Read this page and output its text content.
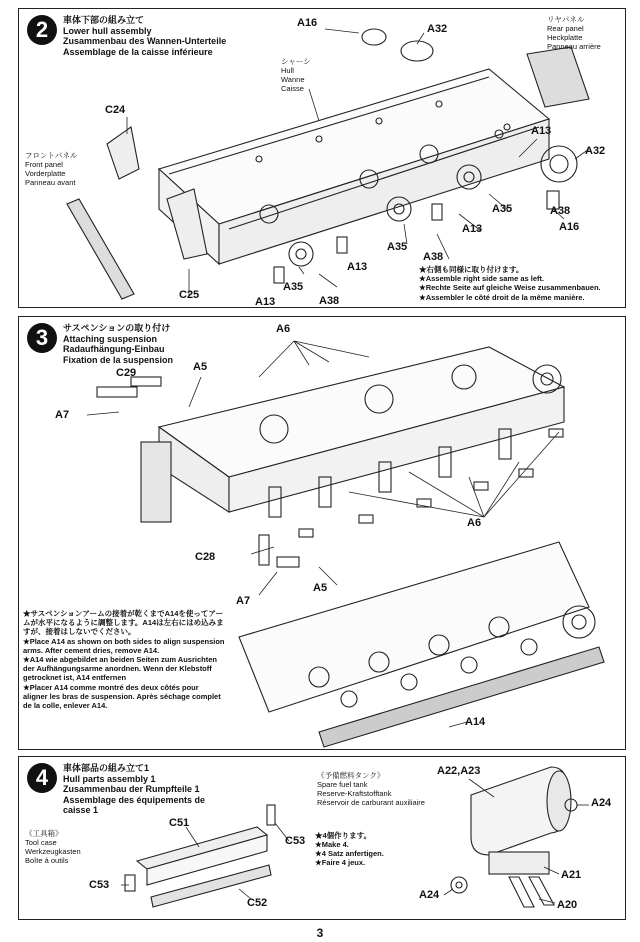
2	車体下部の組み立て
Lower hull assembly
Zusammenbau des Wannen-Unterteile
Assemblage de la caisse inférieure
シャーシ
Hull
Wanne
Caisse
フロントパネル
Front panel
Vorderplatte
Panneau avant
リヤパネル
Rear panel
Heckplatte
Panneau arrière
A16	A32
C24
A13
A32
A35	A38
A16
A13
A35
A38
A13
A13
A35
A38
C25
★右側も同様に取り付けます。
★Assemble right side same as left.
★Rechte Seite auf gleiche Weise zusammenbauen.
★Assembler le côté droit de la même manière.
3	サスペンションの取り付け
Attaching suspension
Radaufhängung-Einbau
Fixation de la suspension
A6
C29	A5
A7
A6
C28
A7
A5
A14
★サスペンションアームの接着が乾くまでA14を使ってアームが水平になるように調整します。A14は左右にはめ込みますが、接着はしないでください。
★Place A14 as shown on both sides to align suspension arms. After cement dries, remove A14.
★A14 wie abgebildet an beiden Seiten zum Ausrichten der Aufhängungsarme anordnen. Wenn der Klebstoff getrocknet ist, A14 entfernen
★Placer A14 comme montré des deux côtés pour aligner les bras de suspension. Après séchage complet de la colle, enlever A14.
4	車体部品の組み立て1
Hull parts assembly 1
Zusammenbau der Rumpfteile 1
Assemblage des équipements de
caisse 1
《工具箱》
Tool case
Werkzeugkasten
Boîte à outils
《予備燃料タンク》
Spare fuel tank
Reserve-Kraftstofftank
Réservoir de carburant auxiliaire
★4個作ります。
★Make 4.
★4 Satz anfertigen.
★Faire 4 jeux.
C51
C53
C53
C52
A22,A23
A24
A21
A24
A20
3
